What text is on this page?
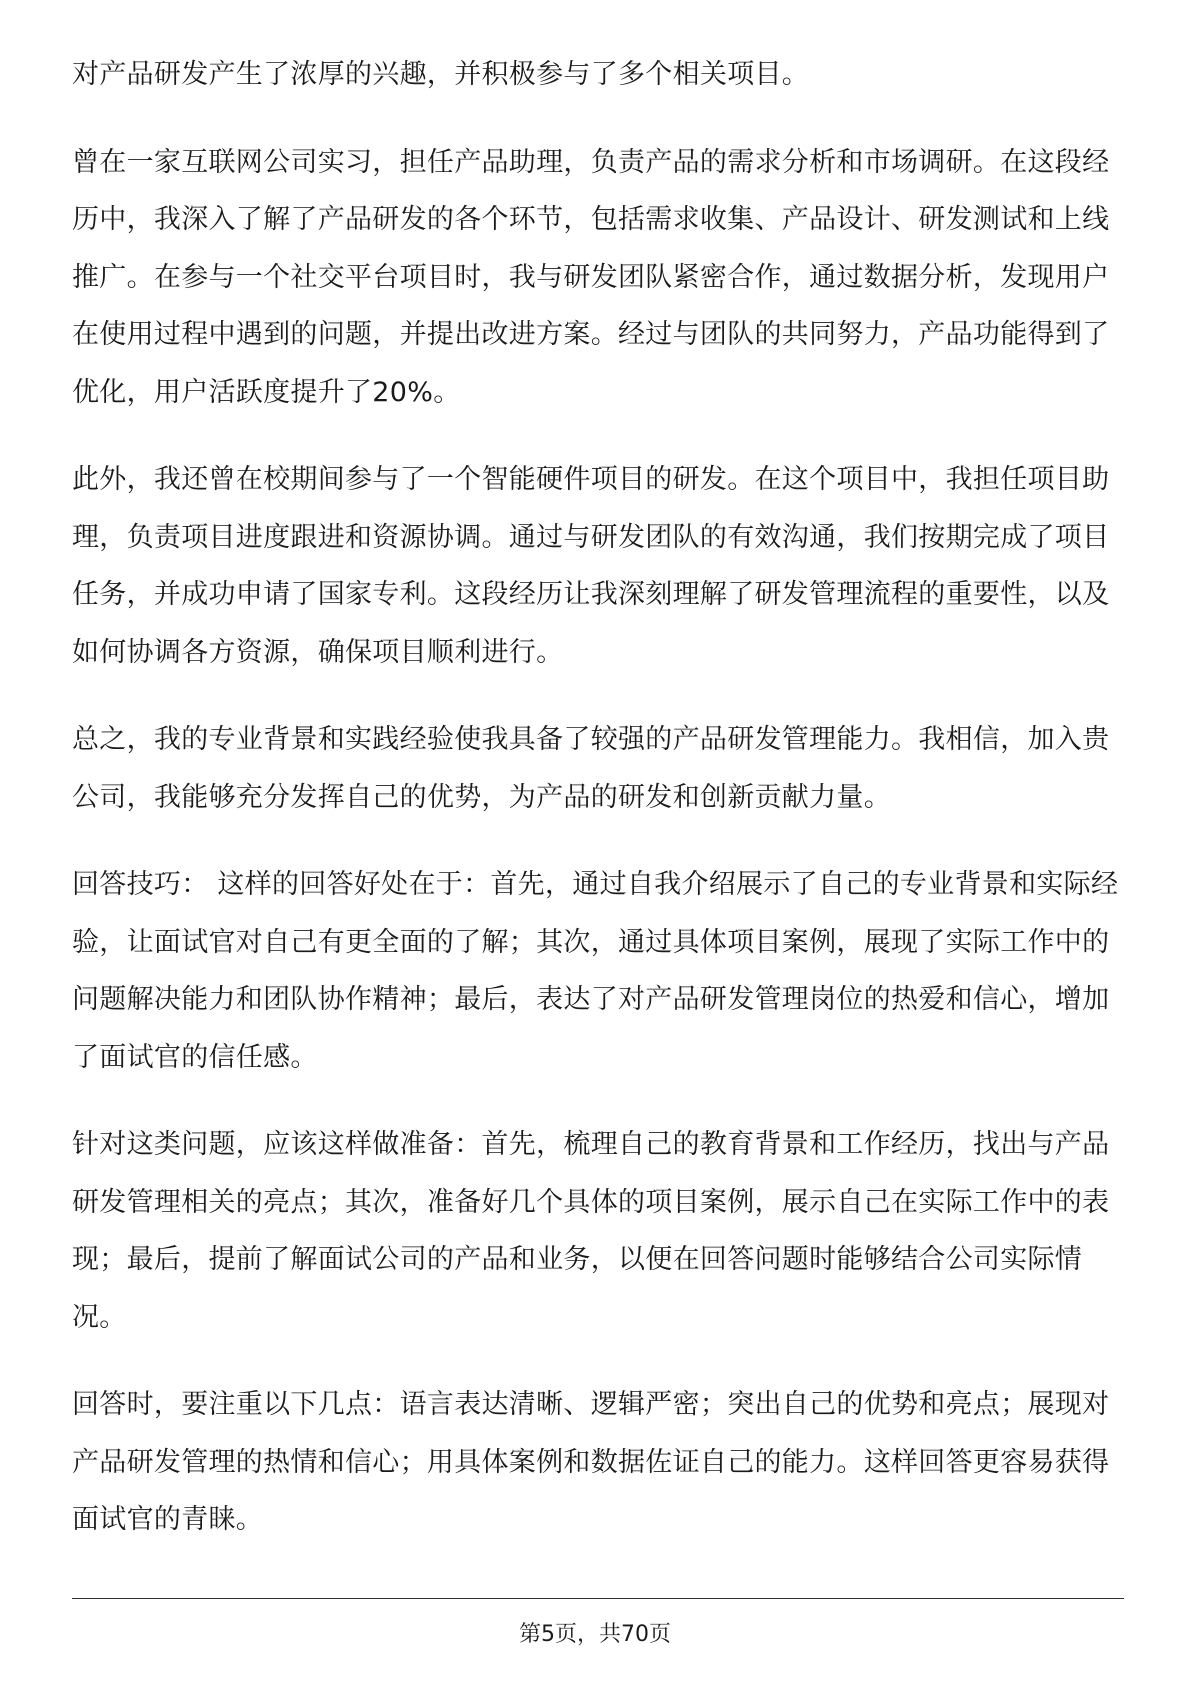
对产品研发产生了浓厚的兴趣，并积极参与了多个相关项目。

曾在一家互联网公司实习，担任产品助理，负责产品的需求分析和市场调研。在这段经历中，我深入了解了产品研发的各个环节，包括需求收集、产品设计、研发测试和上线推广。在参与一个社交平台项目时，我与研发团队紧密合作，通过数据分析，发现用户在使用过程中遇到的问题，并提出改进方案。经过与团队的共同努力，产品功能得到了优化，用户活跃度提升了20%。

此外，我还曾在校期间参与了一个智能硬件项目的研发。在这个项目中，我担任项目助理，负责项目进度跟进和资源协调。通过与研发团队的有效沟通，我们按期完成了项目任务，并成功申请了国家专利。这段经历让我深刻理解了研发管理流程的重要性，以及如何协调各方资源，确保项目顺利进行。

总之，我的专业背景和实践经验使我具备了较强的产品研发管理能力。我相信，加入贵公司，我能够充分发挥自己的优势，为产品的研发和创新贡献力量。

回答技巧： 这样的回答好处在于：首先，通过自我介绍展示了自己的专业背景和实际经验，让面试官对自己有更全面的了解；其次，通过具体项目案例，展现了实际工作中的问题解决能力和团队协作精神；最后，表达了对产品研发管理岗位的热爱和信心，增加了面试官的信任感。

针对这类问题，应该这样做准备：首先，梳理自己的教育背景和工作经历，找出与产品研发管理相关的亮点；其次，准备好几个具体的项目案例，展示自己在实际工作中的表现；最后，提前了解面试公司的产品和业务，以便在回答问题时能够结合公司实际情况。

回答时，要注重以下几点：语言表达清晰、逻辑严密；突出自己的优势和亮点；展现对产品研发管理的热情和信心；用具体案例和数据佐证自己的能力。这样回答更容易获得面试官的青睐。

第5页，共70页
